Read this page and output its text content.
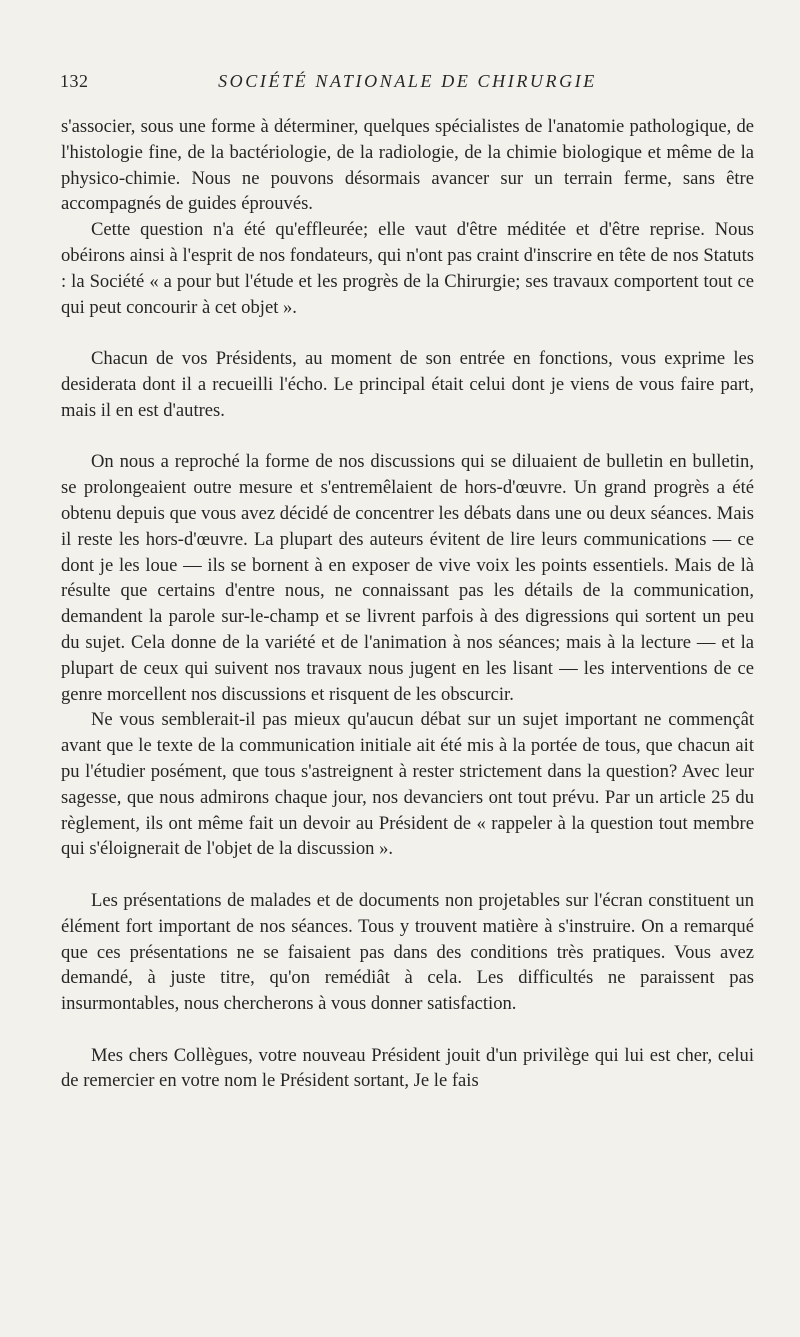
132	SOCIÉTÉ NATIONALE DE CHIRURGIE

s'associer, sous une forme à déterminer, quelques spécialistes de l'anatomie pathologique, de l'histologie fine, de la bactériologie, de la radiologie, de la chimie biologique et même de la physico-chimie. Nous ne pouvons désormais avancer sur un terrain ferme, sans être accompagnés de guides éprouvés.

Cette question n'a été qu'effleurée; elle vaut d'être méditée et d'être reprise. Nous obéirons ainsi à l'esprit de nos fondateurs, qui n'ont pas craint d'inscrire en tête de nos Statuts : la Société « a pour but l'étude et les progrès de la Chirurgie; ses travaux comportent tout ce qui peut concourir à cet objet ».

Chacun de vos Présidents, au moment de son entrée en fonctions, vous exprime les desiderata dont il a recueilli l'écho. Le principal était celui dont je viens de vous faire part, mais il en est d'autres.

On nous a reproché la forme de nos discussions qui se diluaient de bulletin en bulletin, se prolongeaient outre mesure et s'entremêlaient de hors-d'œuvre. Un grand progrès a été obtenu depuis que vous avez décidé de concentrer les débats dans une ou deux séances. Mais il reste les hors-d'œuvre. La plupart des auteurs évitent de lire leurs communications — ce dont je les loue — ils se bornent à en exposer de vive voix les points essentiels. Mais de là résulte que certains d'entre nous, ne connaissant pas les détails de la communication, demandent la parole sur-le-champ et se livrent parfois à des digressions qui sortent un peu du sujet. Cela donne de la variété et de l'animation à nos séances; mais à la lecture — et la plupart de ceux qui suivent nos travaux nous jugent en les lisant — les interventions de ce genre morcellent nos discussions et risquent de les obscurcir.

Ne vous semblerait-il pas mieux qu'aucun débat sur un sujet important ne commençât avant que le texte de la communication initiale ait été mis à la portée de tous, que chacun ait pu l'étudier posément, que tous s'astreignent à rester strictement dans la question? Avec leur sagesse, que nous admirons chaque jour, nos devanciers ont tout prévu. Par un article 25 du règlement, ils ont même fait un devoir au Président de « rappeler à la question tout membre qui s'éloignerait de l'objet de la discussion ».

Les présentations de malades et de documents non projetables sur l'écran constituent un élément fort important de nos séances. Tous y trouvent matière à s'instruire. On a remarqué que ces présentations ne se faisaient pas dans des conditions très pratiques. Vous avez demandé, à juste titre, qu'on remédiât à cela. Les difficultés ne paraissent pas insurmontables, nous chercherons à vous donner satisfaction.

Mes chers Collègues, votre nouveau Président jouit d'un privilège qui lui est cher, celui de remercier en votre nom le Président sortant, Je le fais
